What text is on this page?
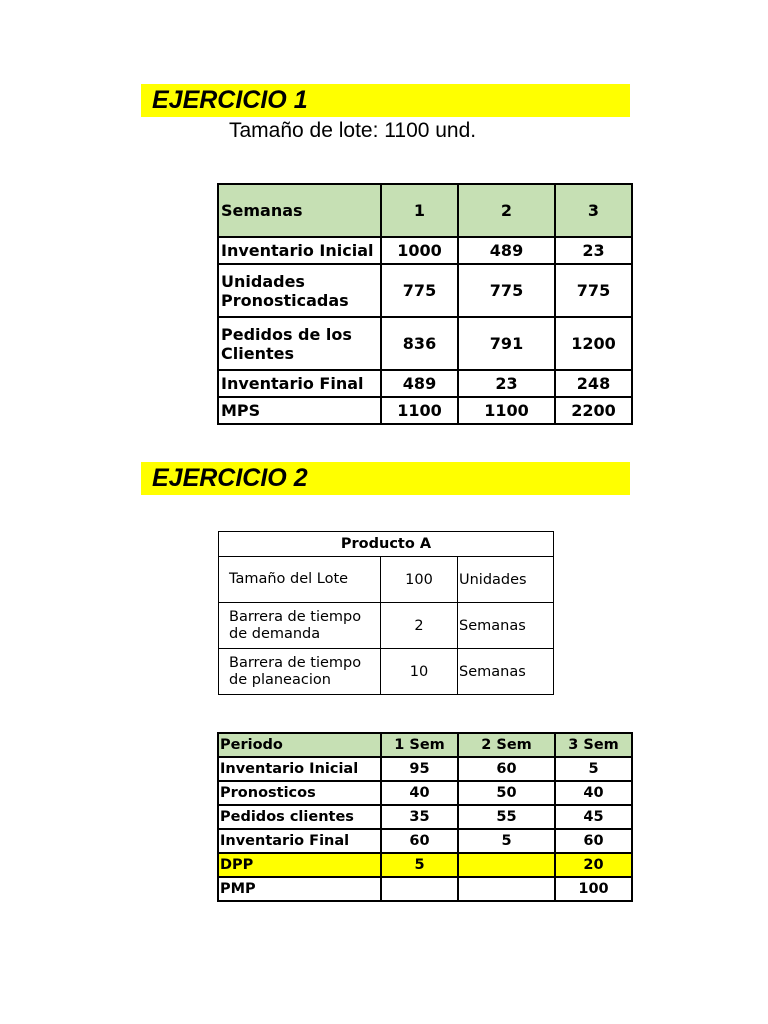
EJERCICIO 1
Tamaño de lote: 1100 und.
Semanas	1	2	3
Inventario Inicial	1000	489	23
Unidades Pronosticadas	775	775	775
Pedidos de los Clientes	836	791	1200
Inventario Final	489	23	248
MPS	1100	1100	2200
EJERCICIO 2
Producto A		
Tamaño del Lote	100	Unidades
Barrera de tiempo de demanda	2	Semanas
Barrera de tiempo de planeacion	10	Semanas
Periodo	1 Sem	2 Sem	3 Sem
Inventario Inicial	95	60	5
Pronosticos	40	50	40
Pedidos clientes	35	55	45
Inventario Final	60	5	60
DPP	5		20
PMP			100
